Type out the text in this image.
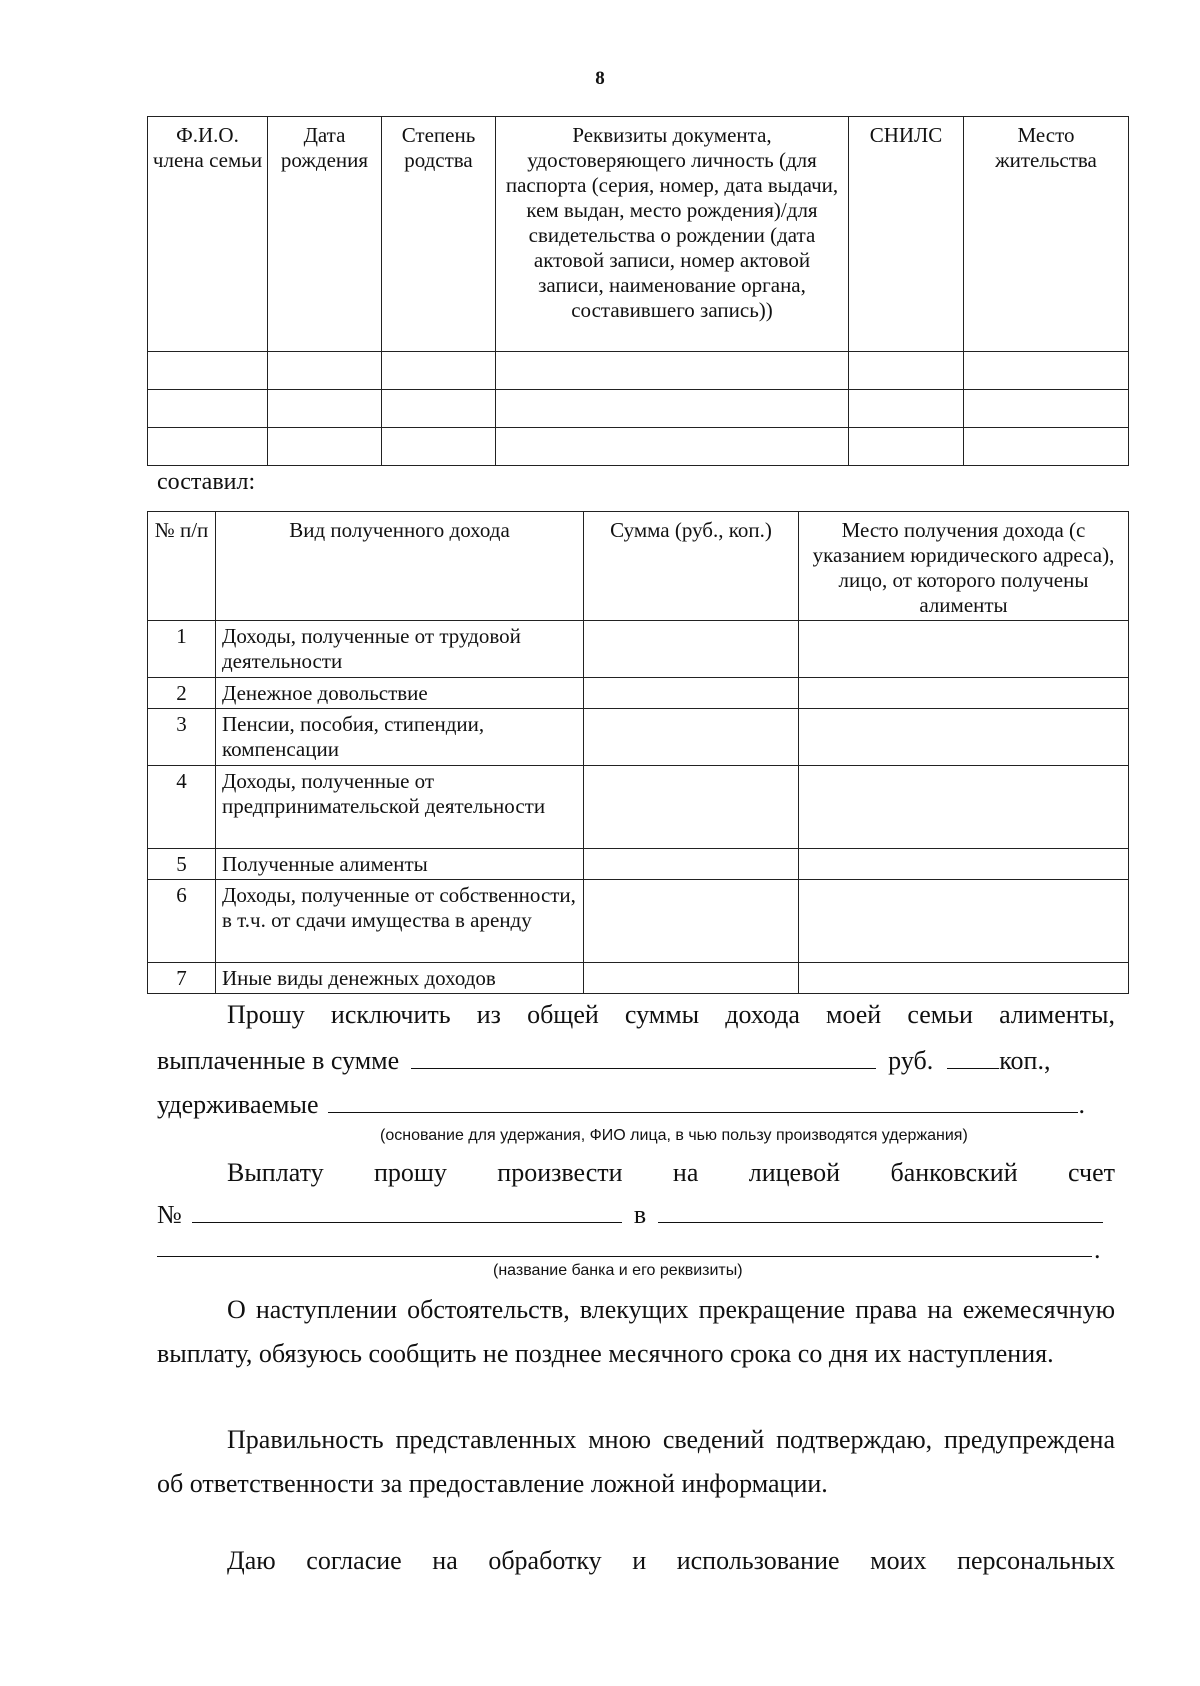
8
Ф.И.О. члена семьи	Дата рождения	Степень родства	Реквизиты документа, удостоверяющего личность (для паспорта (серия, номер, дата выдачи, кем выдан, место рождения)/для свидетельства о рождении (дата актовой записи, номер актовой записи, наименование органа, составившего запись))	СНИЛС	Место жительства

составил:
№ п/п	Вид полученного дохода	Сумма (руб., коп.)	Место получения дохода (с указанием юридического адреса), лицо, от которого получены алименты
1	Доходы, полученные от трудовой деятельности		
2	Денежное довольствие		
3	Пенсии, пособия, стипендии, компенсации		
4	Доходы, полученные от предпринимательской деятельности		
5	Полученные алименты		
6	Доходы, полученные от собственности, в т.ч. от сдачи имущества в аренду		
7	Иные виды денежных доходов		
Прошу исключить из общей суммы дохода моей семьи алименты,
выплаченные в сумме	руб.	коп.,
удерживаемые	.
(основание для удержания, ФИО лица, в чью пользу производятся удержания)
Выплату прошу произвести на лицевой банковский счет
№	в
.
(название банка и его реквизиты)
О наступлении обстоятельств, влекущих прекращение права на ежемесячную выплату, обязуюсь сообщить не позднее месячного срока со дня их наступления.
Правильность представленных мною сведений подтверждаю, предупреждена об ответственности за предоставление ложной информации.
Даю согласие на обработку и использование моих персональных
